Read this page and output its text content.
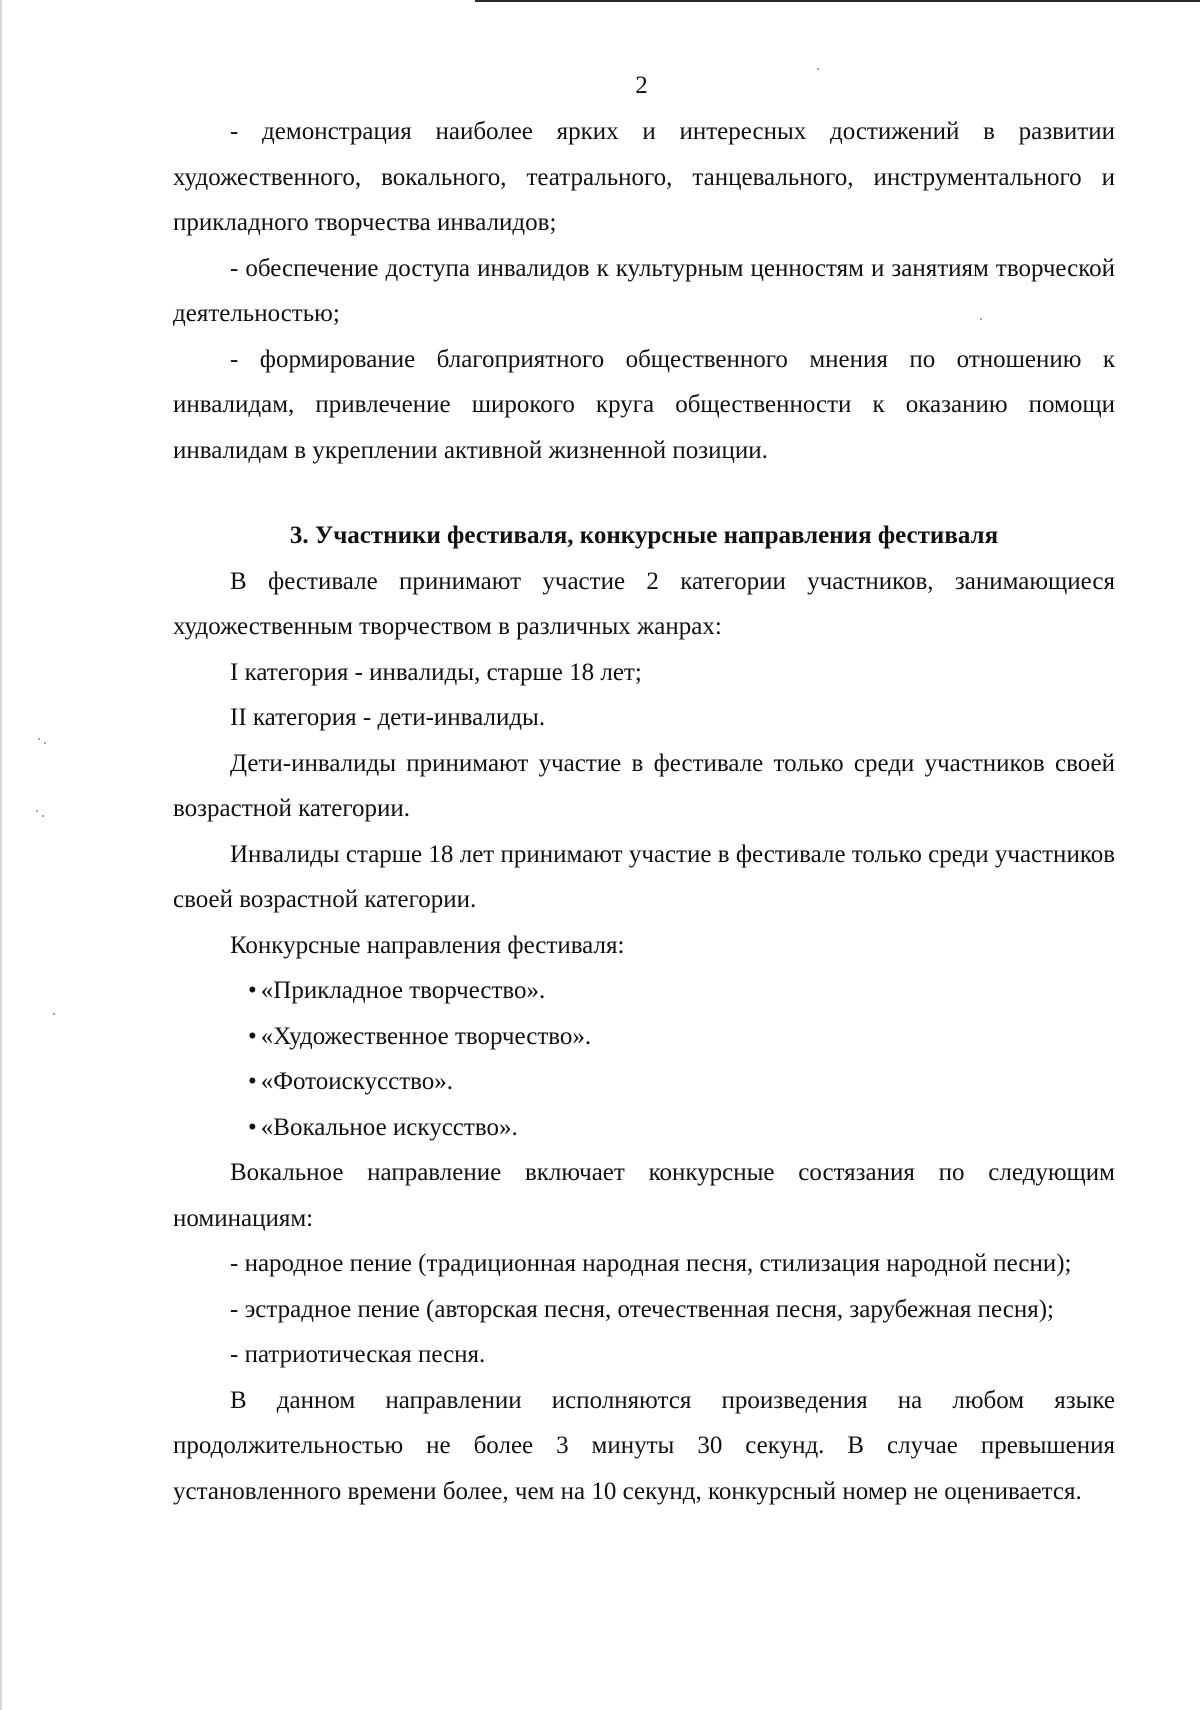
2

- демонстрация наиболее ярких и интересных достижений в развитии художественного, вокального, театрального, танцевального, инструментального и прикладного творчества инвалидов;

- обеспечение доступа инвалидов к культурным ценностям и занятиям творческой деятельностью;

- формирование благоприятного общественного мнения по отношению к инвалидам, привлечение широкого круга общественности к оказанию помощи инвалидам в укреплении активной жизненной позиции.

3. Участники фестиваля, конкурсные направления фестиваля

В фестивале принимают участие 2 категории участников, занимающиеся художественным творчеством в различных жанрах:

I категория - инвалиды, старше 18 лет;

II категория - дети-инвалиды.

Дети-инвалиды принимают участие в фестивале только среди участников своей возрастной категории.

Инвалиды старше 18 лет принимают участие в фестивале только среди участников своей возрастной категории.

Конкурсные направления фестиваля:

• «Прикладное творчество».

• «Художественное творчество».

• «Фотоискусство».

• «Вокальное искусство».

Вокальное направление включает конкурсные состязания по следующим номинациям:

- народное пение (традиционная народная песня, стилизация народной песни);

- эстрадное пение (авторская песня, отечественная песня, зарубежная песня);

- патриотическая песня.

В данном направлении исполняются произведения на любом языке продолжительностью не более 3 минуты 30 секунд. В случае превышения установленного времени более, чем на 10 секунд, конкурсный номер не оценивается.
